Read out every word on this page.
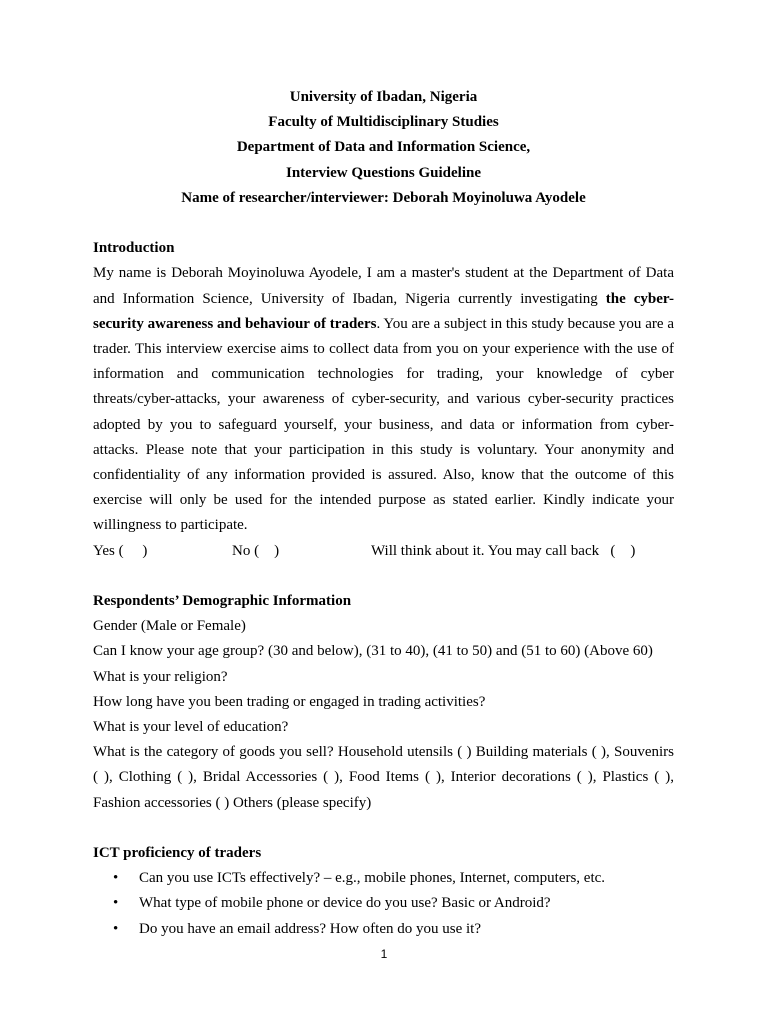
University of Ibadan, Nigeria
Faculty of Multidisciplinary Studies
Department of Data and Information Science,
Interview Questions Guideline
Name of researcher/interviewer: Deborah Moyinoluwa Ayodele
Introduction
My name is Deborah Moyinoluwa Ayodele, I am a master's student at the Department of Data and Information Science, University of Ibadan, Nigeria currently investigating the cyber-security awareness and behaviour of traders. You are a subject in this study because you are a trader. This interview exercise aims to collect data from you on your experience with the use of information and communication technologies for trading, your knowledge of cyber threats/cyber-attacks, your awareness of cyber-security, and various cyber-security practices adopted by you to safeguard yourself, your business, and data or information from cyber-attacks. Please note that your participation in this study is voluntary. Your anonymity and confidentiality of any information provided is assured. Also, know that the outcome of this exercise will only be used for the intended purpose as stated earlier. Kindly indicate your willingness to participate.
Yes (     )	No (    )	Will think about it. You may call back   (    )
Respondents’ Demographic Information
Gender (Male or Female)
Can I know your age group? (30 and below), (31 to 40), (41 to 50) and (51 to 60) (Above 60)
What is your religion?
How long have you been trading or engaged in trading activities?
What is your level of education?
What is the category of goods you sell? Household utensils ( ) Building materials ( ), Souvenirs ( ), Clothing ( ), Bridal Accessories ( ), Food Items ( ), Interior decorations ( ), Plastics ( ), Fashion accessories ( ) Others (please specify)
ICT proficiency of traders
• Can you use ICTs effectively? – e.g., mobile phones, Internet, computers, etc.
• What type of mobile phone or device do you use? Basic or Android?
• Do you have an email address? How often do you use it?
1
